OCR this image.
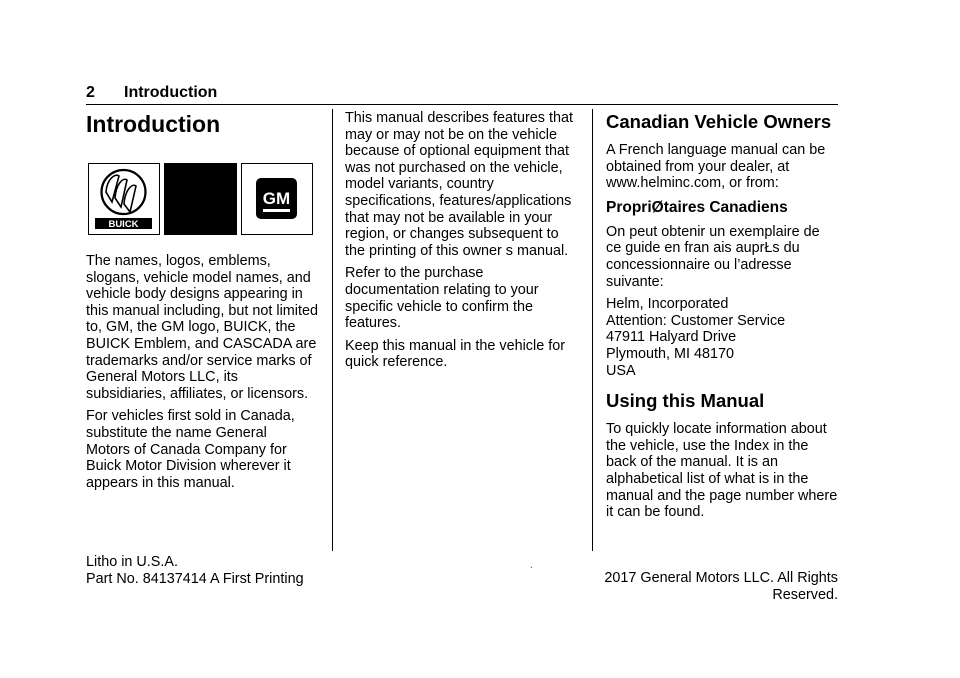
2 Introduction
Introduction
BUICK
GM

The names, logos, emblems,
slogans, vehicle model names, and
vehicle body designs appearing in
this manual including, but not limited
to, GM, the GM logo, BUICK, the
BUICK Emblem, and CASCADA are
trademarks and/or service marks of
General Motors LLC, its
subsidiaries, affiliates, or licensors.

For vehicles first sold in Canada,
substitute the name General
Motors of Canada Company for
Buick Motor Division wherever it
appears in this manual.

This manual describes features that
may or may not be on the vehicle
because of optional equipment that
was not purchased on the vehicle,
model variants, country
specifications, features/applications
that may not be available in your
region, or changes subsequent to
the printing of this owner s manual.

Refer to the purchase
documentation relating to your
specific vehicle to confirm the
features.

Keep this manual in the vehicle for
quick reference.

Canadian Vehicle Owners

A French language manual can be
obtained from your dealer, at
www.helminc.com, or from:

PropriØtaires Canadiens

On peut obtenir un exemplaire de
ce guide en fran ais auprŁs du
concessionnaire ou l’adresse
suivante:

Helm, Incorporated
Attention: Customer Service
47911 Halyard Drive
Plymouth, MI 48170
USA

Using this Manual

To quickly locate information about
the vehicle, use the Index in the
back of the manual. It is an
alphabetical list of what is in the
manual and the page number where
it can be found.

Litho in U.S.A.
Part No. 84137414 A First Printing
`	2017 General Motors LLC. All Rights Reserved.
